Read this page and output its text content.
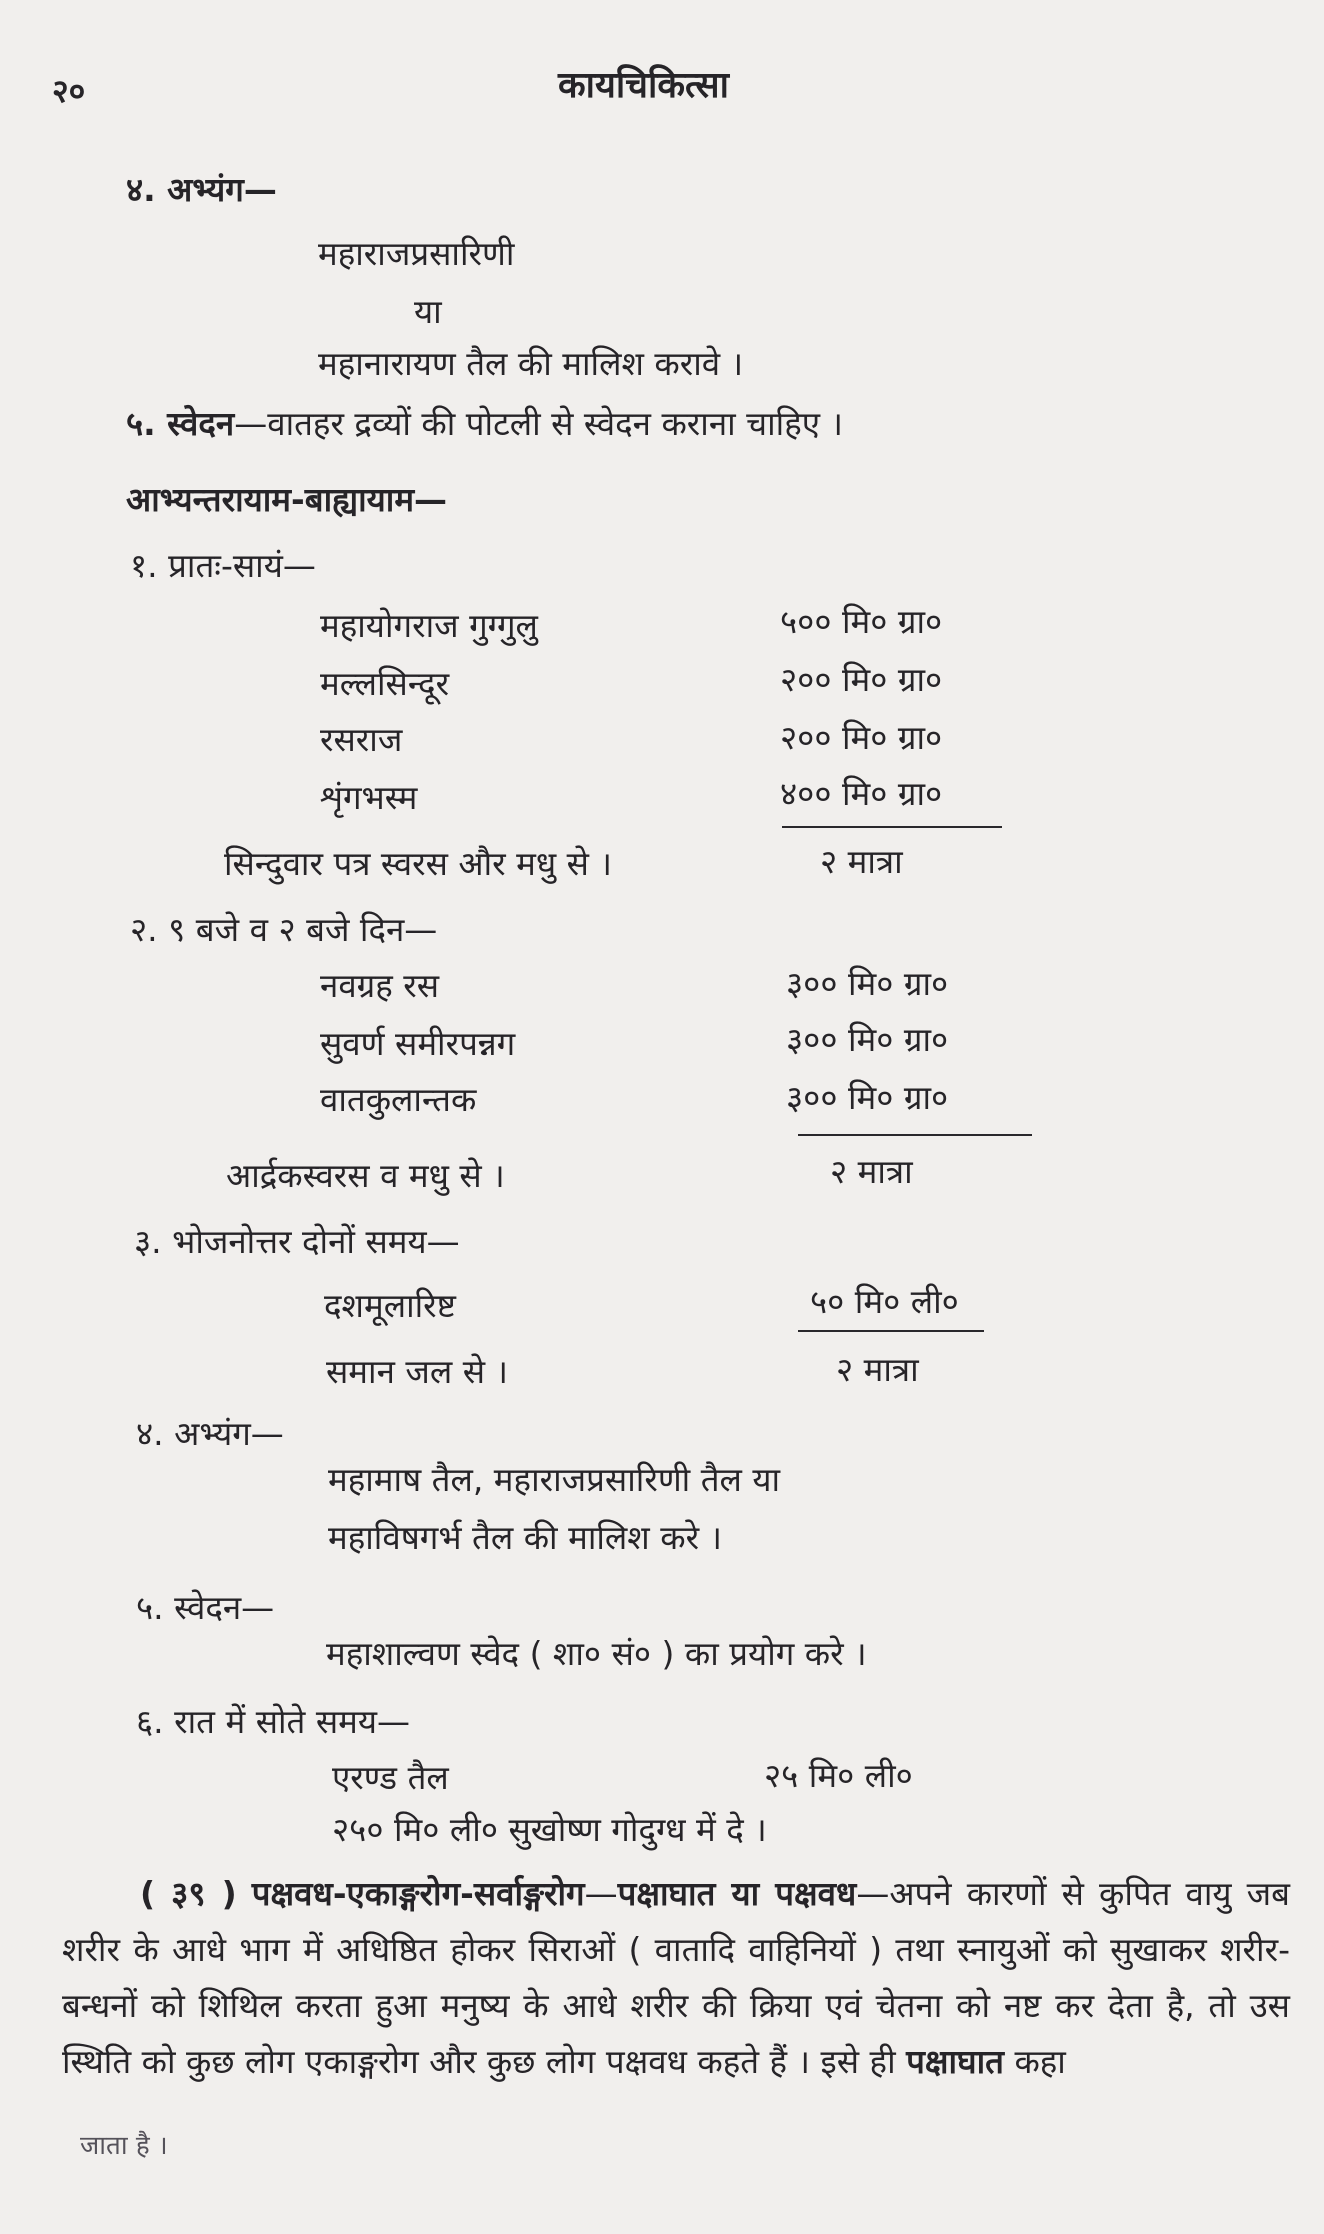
२०	कायचिकित्सा
४. अभ्यंग—
महाराजप्रसारिणी
या
महानारायण तैल की मालिश करावे ।
५. स्वेदन—वातहर द्रव्यों की पोटली से स्वेदन कराना चाहिए ।
आभ्यन्तरायाम-बाह्यायाम—
१. प्रातः-सायं—
महायोगराज गुग्गुलु	५०० मि० ग्रा०
मल्लसिन्दूर	२०० मि० ग्रा०
रसराज	२०० मि० ग्रा०
शृंगभस्म	४०० मि० ग्रा०
सिन्दुवार पत्र स्वरस और मधु से ।	२ मात्रा
२. ९ बजे व २ बजे दिन—
नवग्रह रस	३०० मि० ग्रा०
सुवर्ण समीरपन्नग	३०० मि० ग्रा०
वातकुलान्तक	३०० मि० ग्रा०
आर्द्रकस्वरस व मधु से ।	२ मात्रा
३. भोजनोत्तर दोनों समय—
दशमूलारिष्ट	५० मि० ली०
समान जल से ।	२ मात्रा
४. अभ्यंग—
महामाष तैल, महाराजप्रसारिणी तैल या
महाविषगर्भ तैल की मालिश करे ।
५. स्वेदन—
महाशाल्वण स्वेद ( शा० सं० ) का प्रयोग करे ।
६. रात में सोते समय—
एरण्ड तैल	२५ मि० ली०
२५० मि० ली० सुखोष्ण गोदुग्ध में दे ।
( ३९ ) पक्षवध-एकाङ्गरोग-सर्वाङ्गरोग—पक्षाघात या पक्षवध—अपने कारणों से कुपित वायु जब शरीर के आधे भाग में अधिष्ठित होकर सिराओं ( वातादि वाहिनियों ) तथा स्नायुओं को सुखाकर शरीर-बन्धनों को शिथिल करता हुआ मनुष्य के आधे शरीर की क्रिया एवं चेतना को नष्ट कर देता है, तो उस स्थिति को कुछ लोग एकाङ्गरोग और कुछ लोग पक्षवध कहते हैं । इसे ही पक्षाघात कहा
जाता है ।
